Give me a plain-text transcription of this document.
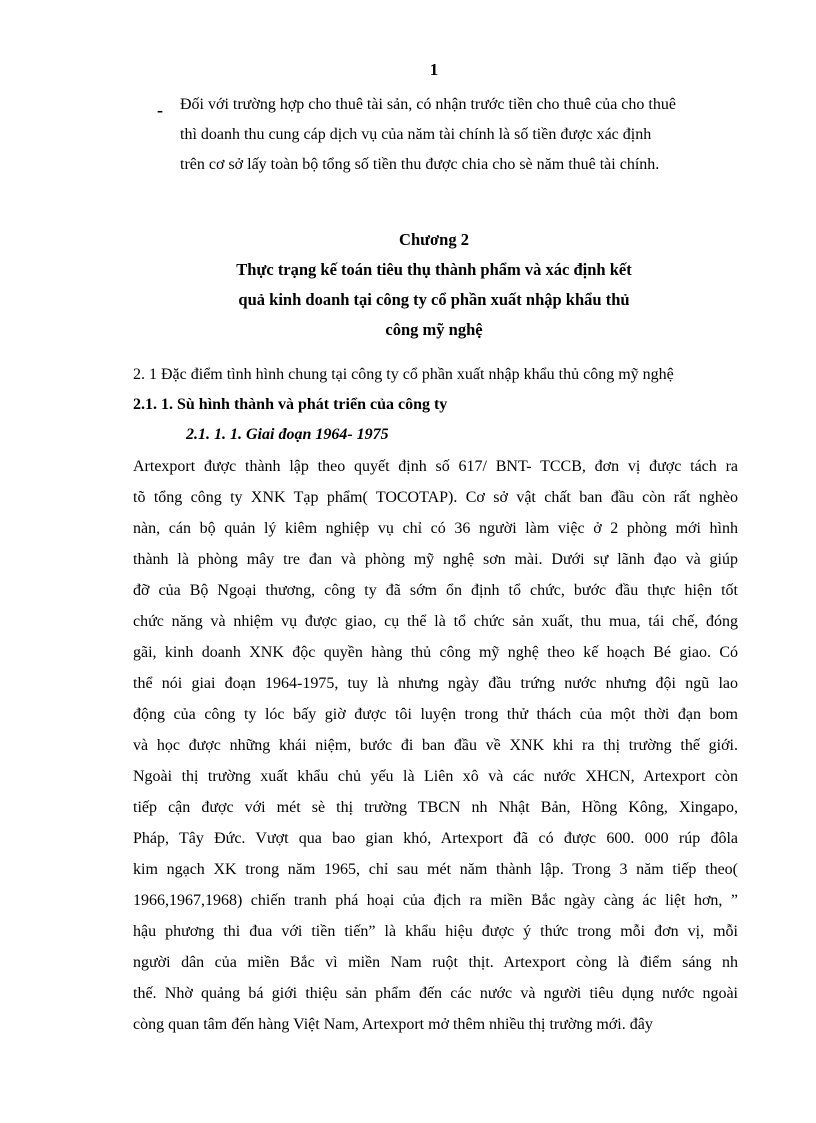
1
- Đối với trường hợp cho thuê tài sản, có nhận trước tiền cho thuê của cho thuê
thì doanh thu cung cáp dịch vụ của năm tài chính là số tiền được xác định
trên cơ sở lấy toàn bộ tổng số tiền thu được chia cho sè năm thuê tài chính.
Chương 2
Thực trạng kế toán tiêu thụ thành phẩm và xác định kết
quả kinh doanh tại công ty cổ phần xuất nhập khẩu thủ
công mỹ nghệ
2. 1 Đặc điểm tình hình chung tại công ty cổ phần xuất nhập khẩu thủ công mỹ nghệ
2.1. 1. Sù hình thành và phát triển của công ty
2.1. 1. 1. Giai đoạn 1964- 1975
Artexport được thành lập theo quyết định số 617/ BNT- TCCB, đơn vị được tách ra
tõ tổng công ty XNK Tạp phẩm( TOCOTAP). Cơ sở vật chất ban đầu còn rất nghèo
nàn, cán bộ quản lý kiêm nghiệp vụ chỉ có 36 người làm việc ở 2 phòng mới hình
thành là phòng mây tre đan và phòng mỹ nghệ sơn mài. Dưới sự lãnh đạo và giúp
đỡ của Bộ Ngoại thương, công ty đã sớm ổn định tổ chức, bước đầu thực hiện tốt
chức năng và nhiệm vụ được giao, cụ thể là tổ chức sản xuất, thu mua, tái chế, đóng
gãi, kinh doanh XNK độc quyền hàng thủ công mỹ nghệ theo kế hoạch Bé giao. Có
thể nói giai đoạn 1964-1975, tuy là nhưng ngày đầu trứng nước nhưng đội ngũ lao
động của công ty lóc bấy giờ được tôi luyện trong thử thách của một thời đạn bom
và học được những khái niệm, bước đi ban đầu về XNK khi ra thị trường thế giới.
Ngoài thị trường xuất khẩu chủ yếu là Liên xô và các nước XHCN, Artexport còn
tiếp cận được với mét sè thị trường TBCN nh Nhật Bản, Hồng Kông, Xingapo,
Pháp, Tây Đức. Vượt qua bao gian khó, Artexport đã có được 600. 000 rúp đôla
kim ngạch XK trong năm 1965, chỉ sau mét năm thành lập. Trong 3 năm tiếp theo(
1966,1967,1968) chiến tranh phá hoại của địch ra miền Bắc ngày càng ác liệt hơn, ”
hậu phương thi đua với tiền tiến” là khẩu hiệu được ý thức trong mỗi đơn vị, mỗi
người dân của miền Bắc vì miền Nam ruột thịt. Artexport còng là điểm sáng nh
thế. Nhờ quảng bá giới thiệu sản phẩm đến các nước và người tiêu dụng nước ngoài
còng quan tâm đến hàng Việt Nam, Artexport mở thêm nhiều thị trường mới. đây
